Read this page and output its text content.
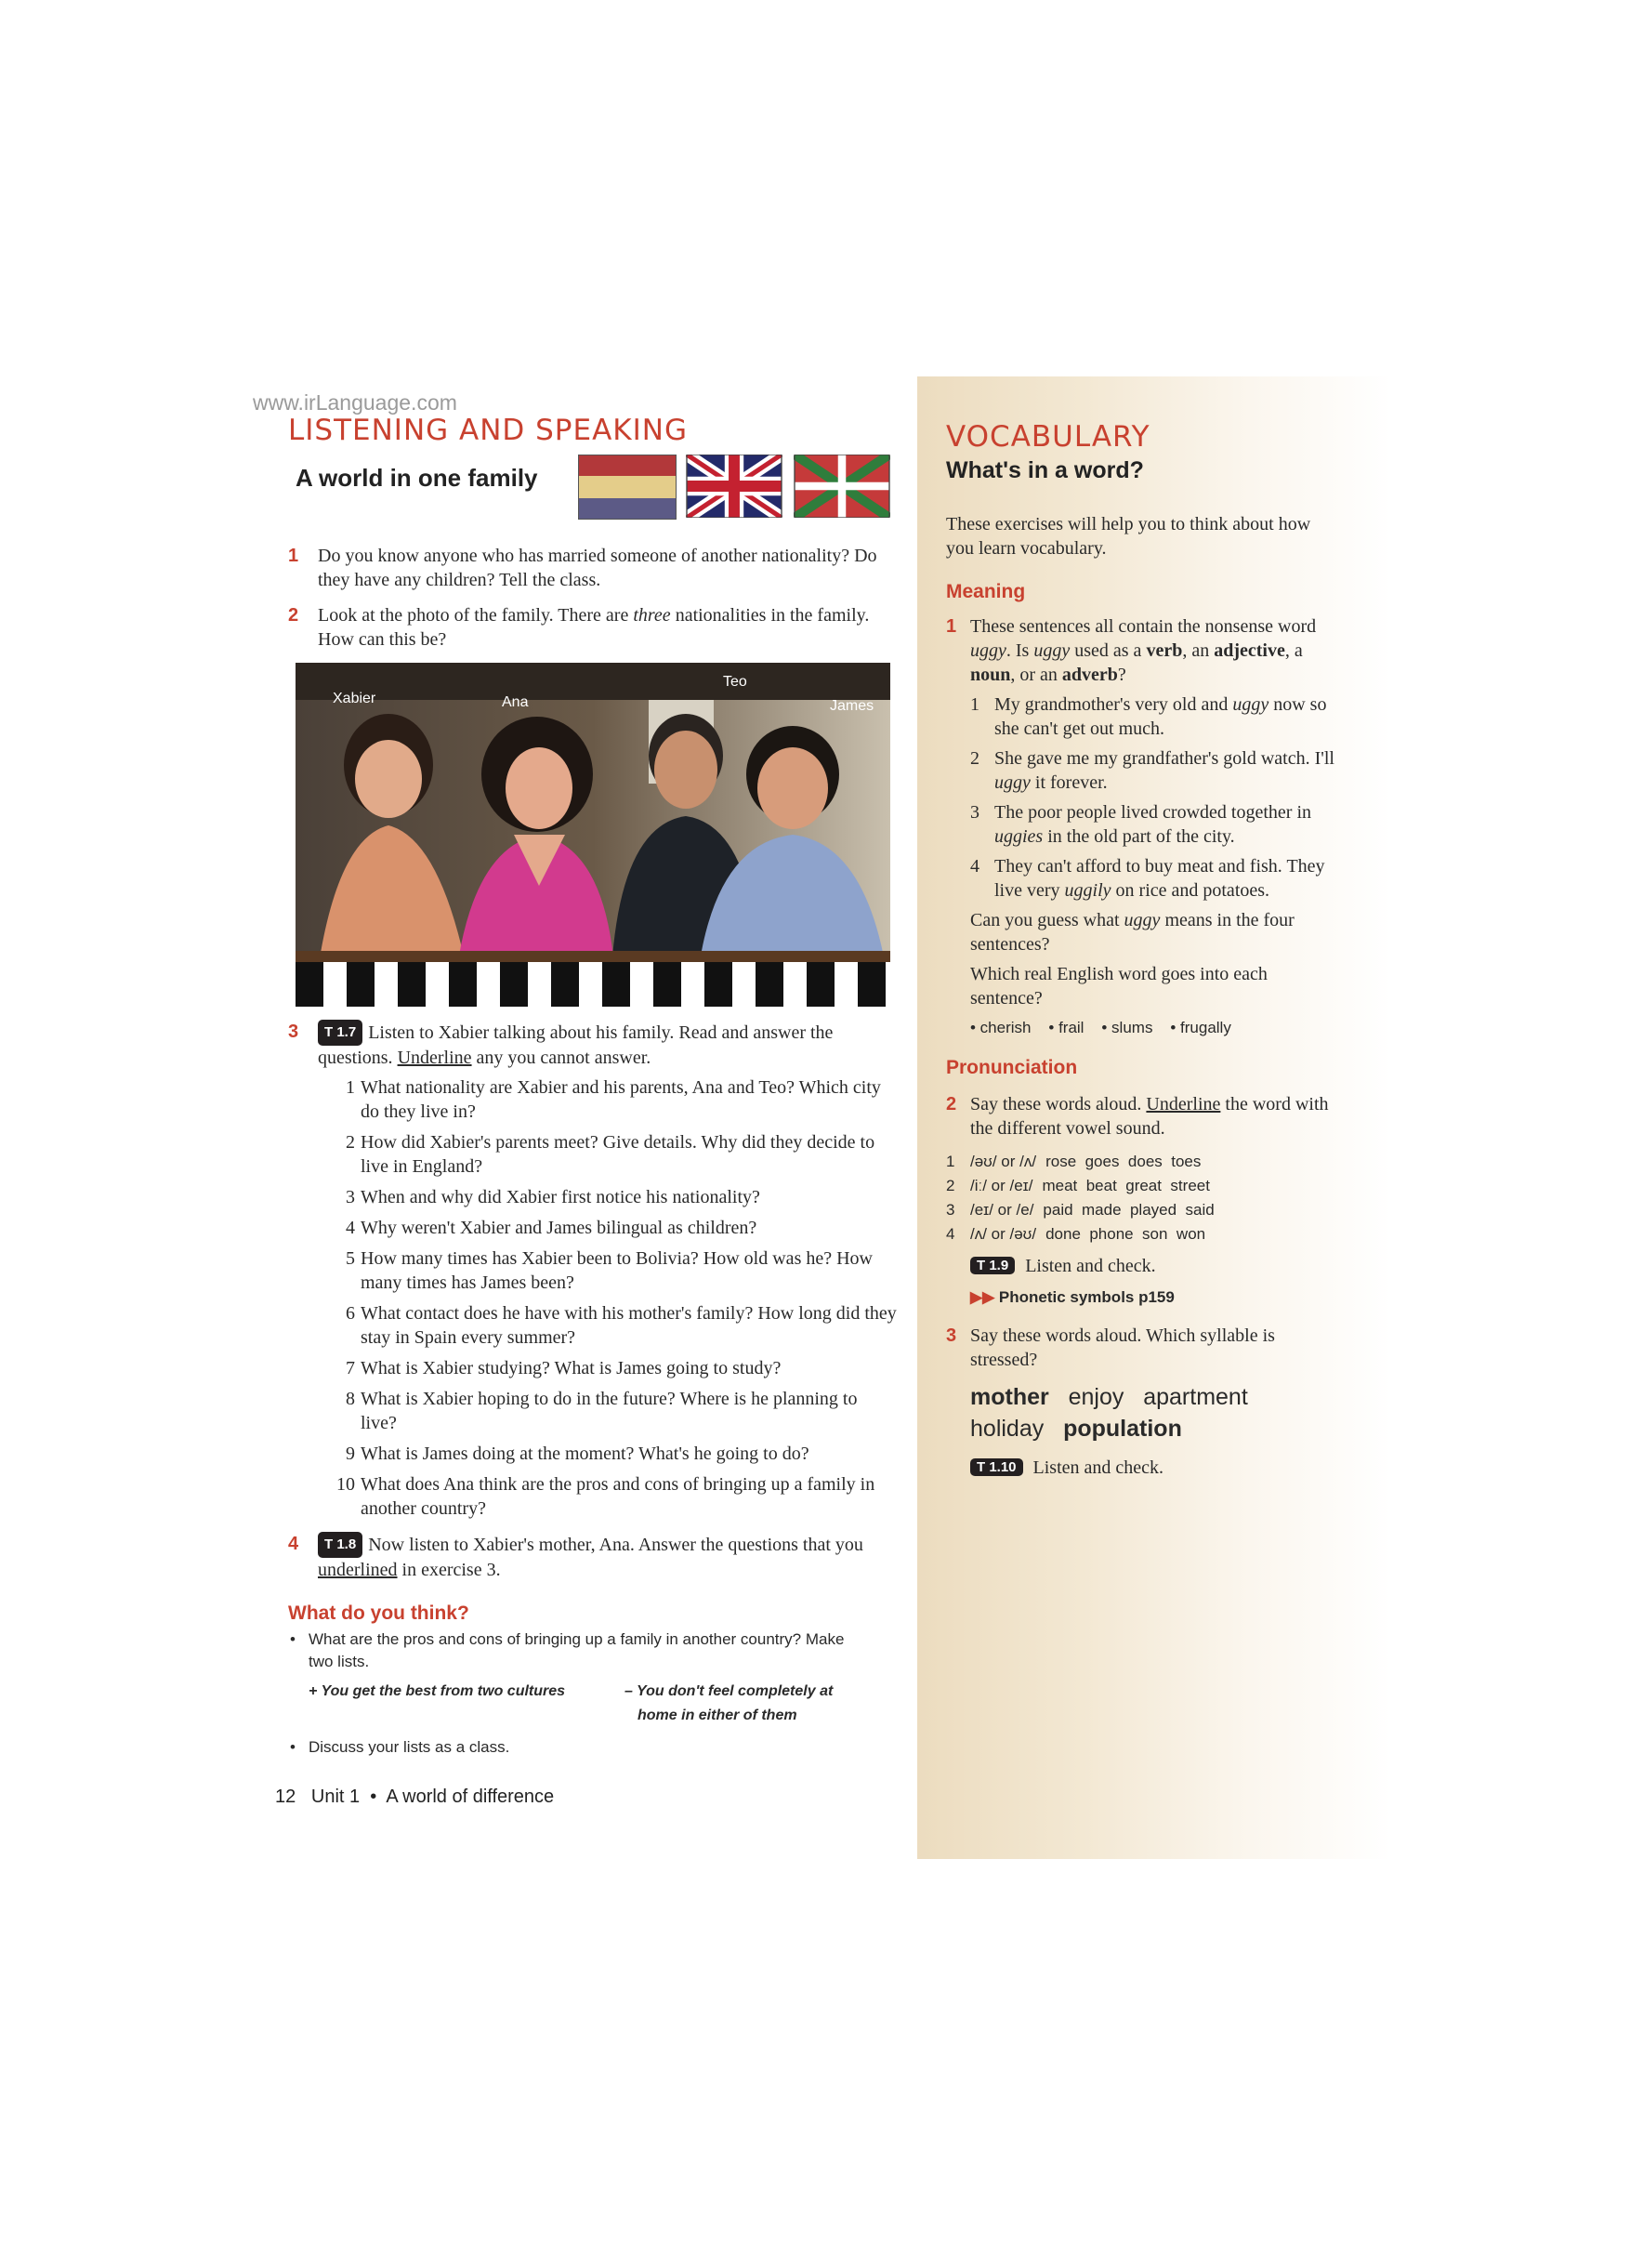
www.irLanguage.com
LISTENING AND SPEAKING
A world in one family
1 Do you know anyone who has married someone of another nationality? Do they have any children? Tell the class.
2 Look at the photo of the family. There are three nationalities in the family. How can this be?
Xabier	Ana
Teo
James
3 T 1.7 Listen to Xabier talking about his family. Read and answer the questions. Underline any you cannot answer.
1 What nationality are Xabier and his parents, Ana and Teo? Which city do they live in?
2 How did Xabier's parents meet? Give details. Why did they decide to live in England?
3 When and why did Xabier first notice his nationality?
4 Why weren't Xabier and James bilingual as children?
5 How many times has Xabier been to Bolivia? How old was he? How many times has James been?
6 What contact does he have with his mother's family? How long did they stay in Spain every summer?
7 What is Xabier studying? What is James going to study?
8 What is Xabier hoping to do in the future? Where is he planning to live?
9 What is James doing at the moment? What's he going to do?
10 What does Ana think are the pros and cons of bringing up a family in another country?
4 T 1.8 Now listen to Xabier's mother, Ana. Answer the questions that you underlined in exercise 3.
What do you think?
• What are the pros and cons of bringing up a family in another country? Make two lists.
+ You get the best from two cultures	– You don't feel completely at
home in either of them
• Discuss your lists as a class.
VOCABULARY
What's in a word?

These exercises will help you to think about how you learn vocabulary.

Meaning
1 These sentences all contain the nonsense word uggy. Is uggy used as a verb, an adjective, a noun, or an adverb?
1 My grandmother's very old and uggy now so she can't get out much.
2 She gave me my grandfather's gold watch. I'll uggy it forever.
3 The poor people lived crowded together in uggies in the old part of the city.
4 They can't afford to buy meat and fish. They live very uggily on rice and potatoes.

Can you guess what uggy means in the four sentences?

Which real English word goes into each sentence?

• cherish • frail • slums • frugally
Pronunciation
2 Say these words aloud. Underline the word with the different vowel sound.
1 /əʊ/ or /ʌ/ rose  goes  does  toes
2 /iː/ or /eɪ/ meat  beat  great  street
3 /eɪ/ or /e/ paid  made  played  said
4 /ʌ/ or /əʊ/ done  phone  son  won
T 1.9 Listen and check.
▶▶ Phonetic symbols p159
3 Say these words aloud. Which syllable is stressed?
mother enjoy apartment
holiday population
T 1.10 Listen and check.
12 Unit 1 • A world of difference
